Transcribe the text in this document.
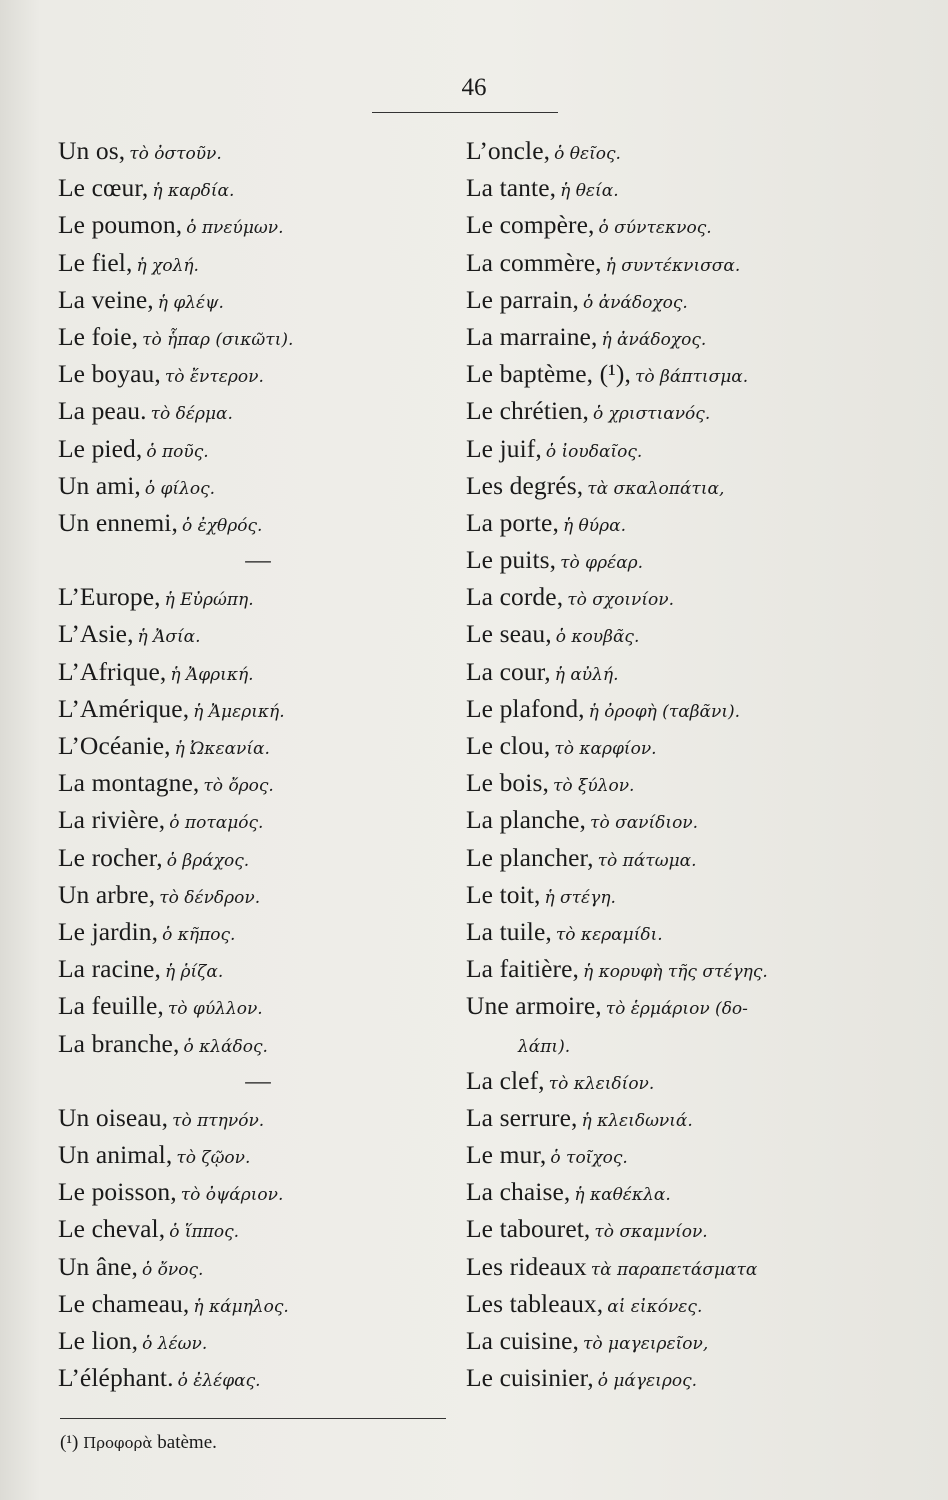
46
Un os, τὸ ὀστοῦν.
Le cœur, ἡ καρδία.
Le poumon, ὁ πνεύμων.
Le fiel, ἡ χολή.
La veine, ἡ φλέψ.
Le foie, τὸ ἧπαρ (σικῶτι).
Le boyau, τὸ ἔντερον.
La peau. τὸ δέρμα.
Le pied, ὁ ποῦς.
Un ami, ὁ φίλος.
Un ennemi, ὁ ἐχθρός.
—
L’Europe, ἡ Εὐρώπη.
L’Asie, ἡ Ἀσία.
L’Afrique, ἡ Ἀφρική.
L’Amérique, ἡ Ἀμερική.
L’Océanie, ἡ Ὠκεανία.
La montagne, τὸ ὄρος.
La rivière, ὁ ποταμός.
Le rocher, ὁ βράχος.
Un arbre, τὸ δένδρον.
Le jardin, ὁ κῆπος.
La racine, ἡ ῥίζα.
La feuille, τὸ φύλλον.
La branche, ὁ κλάδος.
—
Un oiseau, τὸ πτηνόν.
Un animal, τὸ ζῷον.
Le poisson, τὸ ὀψάριον.
Le cheval, ὁ ἵππος.
Un âne, ὁ ὄνος.
Le chameau, ἡ κάμηλος.
Le lion, ὁ λέων.
L’éléphant. ὁ ἐλέφας.
L’oncle, ὁ θεῖος.
La tante, ἡ θεία.
Le compère, ὁ σύντεκνος.
La commère, ἡ συντέκνισσα.
Le parrain, ὁ ἀνάδοχος.
La marraine, ἡ ἀνάδοχος.
Le baptème, (¹), τὸ βάπτισμα.
Le chrétien, ὁ χριστιανός.
Le juif, ὁ ἰουδαῖος.
Les degrés, τὰ σκαλοπάτια,
La porte, ἡ θύρα.
Le puits, τὸ φρέαρ.
La corde, τὸ σχοινίον.
Le seau, ὁ κουβᾶς.
La cour, ἡ αὐλή.
Le plafond, ἡ ὀροφὴ (ταβᾶνι).
Le clou, τὸ καρφίον.
Le bois, τὸ ξύλον.
La planche, τὸ σανίδιον.
Le plancher, τὸ πάτωμα.
Le toit, ἡ στέγη.
La tuile, τὸ κεραμίδι.
La faitière, ἡ κορυφὴ τῆς στέγης.
Une armoire, τὸ ἑρμάριον (δο-
λάπι).
La clef, τὸ κλειδίον.
La serrure, ἡ κλειδωνιά.
Le mur, ὁ τοῖχος.
La chaise, ἡ καθέκλα.
Le tabouret, τὸ σκαμνίον.
Les rideaux τὰ παραπετάσματα
Les tableaux, αἱ εἰκόνες.
La cuisine, τὸ μαγειρεῖον,
Le cuisinier, ὁ μάγειρος.
(¹) Προφορὰ batème.
